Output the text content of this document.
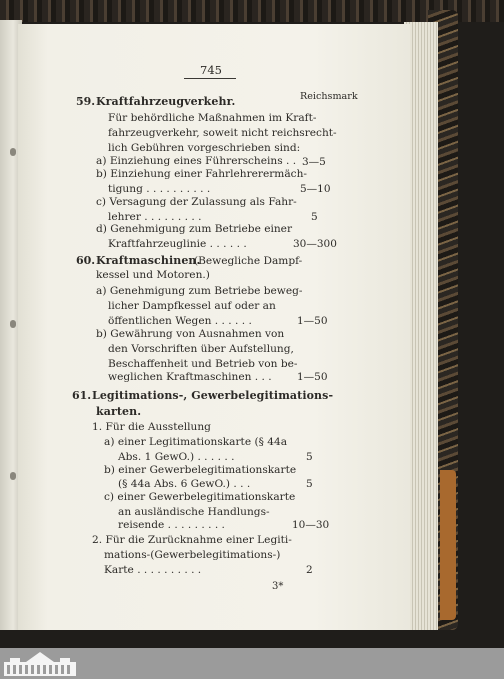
745
Reichsmark
59. Kraftfahrzeugverkehr.
Für behördliche Maßnahmen im Kraft-
fahrzeugverkehr, soweit nicht reichsrecht-
lich Gebühren vorgeschrieben sind:
a) Einziehung eines Führerscheins . . 3—5
b) Einziehung einer Fahrlehrerermäch-
tigung . . . . . . . . . .	5—10
c) Versagung der Zulassung als Fahr-
lehrer . . . . . . . . .	5
d) Genehmigung zum Betriebe einer
Kraftfahrzeuglinie . . . . . .	30—300
60. Kraftmaschinen.
(Bewegliche Dampf-
kessel und Motoren.)
a) Genehmigung zum Betriebe beweg-
licher Dampfkessel auf oder an
öffentlichen Wegen . . . . . .	1—50
b) Gewährung von Ausnahmen von
den Vorschriften über Aufstellung,
Beschaffenheit und Betrieb von be-
weglichen Kraftmaschinen . . . 1—50
61. Legitimations-, Gewerbelegitimations-
karten.
1. Für die Ausstellung
a) einer Legitimationskarte (§ 44a
Abs. 1 GewO.) . . . . . .	5
b) einer Gewerbelegitimationskarte
(§ 44a Abs. 6 GewO.) . . .	5
c) einer Gewerbelegitimationskarte
an ausländische Handlungs-
reisende . . . . . . . . .	10—30
2. Für die Zurücknahme einer Legiti-
mations-(Gewerbelegitimations-)
Karte . . . . . . . . . .	2
3*
